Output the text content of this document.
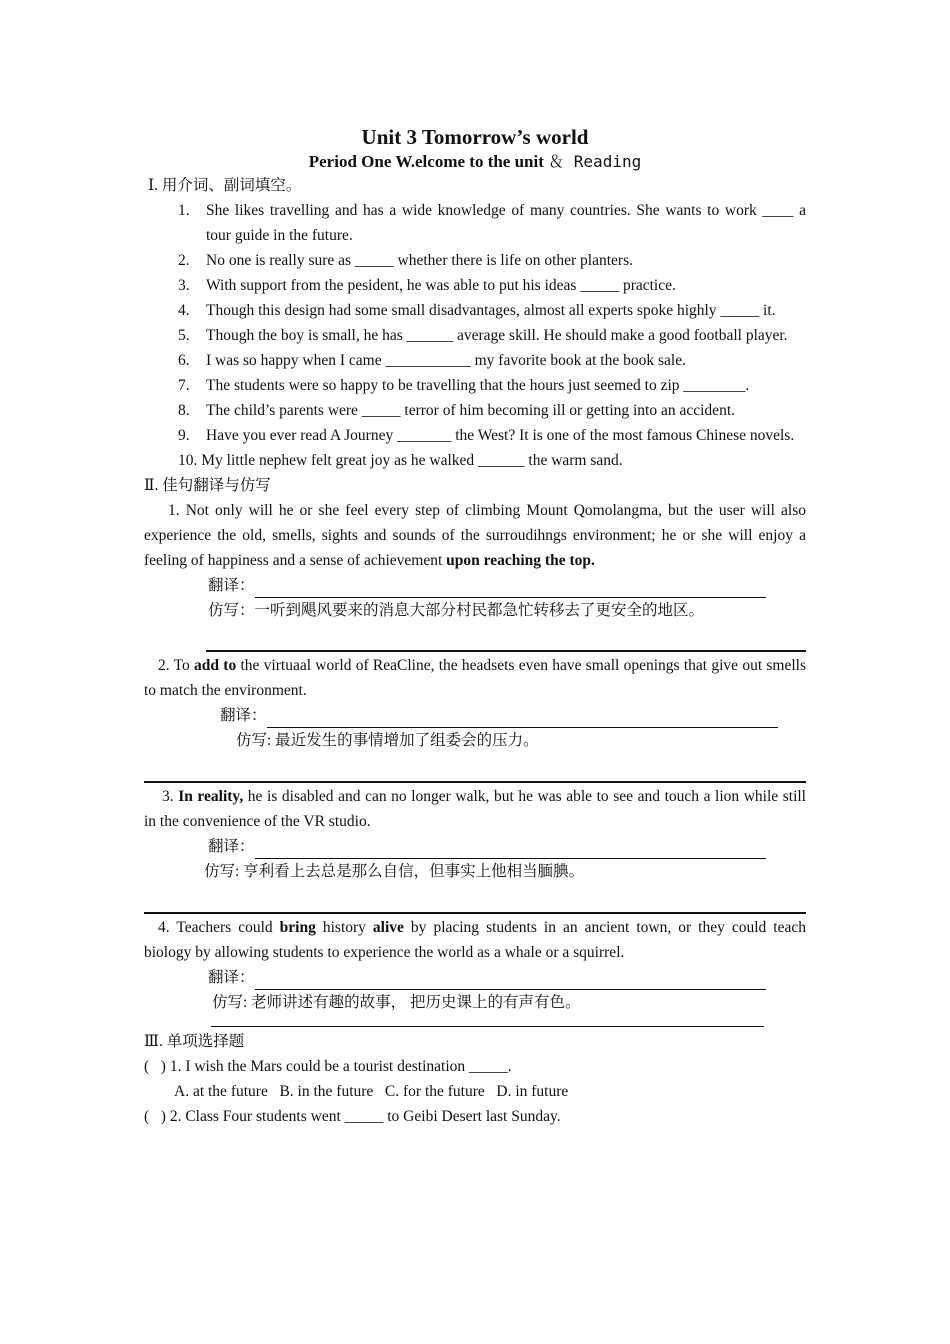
Unit 3 Tomorrow’s world
Period One W.elcome to the unit ＆ Reading
Ⅰ. 用介词、副词填空。
1. She likes travelling and has a wide knowledge of many countries. She wants to work ____ a tour guide in the future.
2. No one is really sure as _____ whether there is life on other planters.
3. With support from the pesident, he was able to put his ideas _____ practice.
4. Though this design had some small disadvantages, almost all experts spoke highly _____ it.
5. Though the boy is small, he has ______ average skill. He should make a good football player.
6. I was so happy when I came ___________ my favorite book at the book sale.
7. The students were so happy to be travelling that the hours just seemed to zip ________.
8. The child’s parents were _____ terror of him becoming ill or getting into an accident.
9. Have you ever read A Journey _______ the West? It is one of the most famous Chinese novels.
10. My little nephew felt great joy as he walked ______ the warm sand.
Ⅱ. 佳句翻译与仿写
1. Not only will he or she feel every step of climbing Mount Qomolangma, but the user will also experience the old, smells, sights and sounds of the surroudihngs environment; he or she will enjoy a feeling of happiness and a sense of achievement upon reaching the top.
翻译：
仿写：一听到飓风要来的消息大部分村民都急忙转移去了更安全的地区。
2. To add to the virtuaal world of ReaCline, the headsets even have small openings that give out smells to match the environment.
翻译：
仿写: 最近发生的事情增加了组委会的压力。
3. In reality, he is disabled and can no longer walk, but he was able to see and touch a lion while still in the convenience of the VR studio.
翻译：
仿写: 亨利看上去总是那么自信，但事实上他相当腼腆。
4. Teachers could bring history alive by placing students in an ancient town, or they could teach biology by allowing students to experience the world as a whale or a squirrel.
翻译：
仿写: 老师讲述有趣的故事， 把历史课上的有声有色。
Ⅲ. 单项选择题
(   ) 1. I wish the Mars could be a tourist destination _____.
A. at the future   B. in the future   C. for the future   D. in future
(   ) 2. Class Four students went _____ to Geibi Desert last Sunday.
